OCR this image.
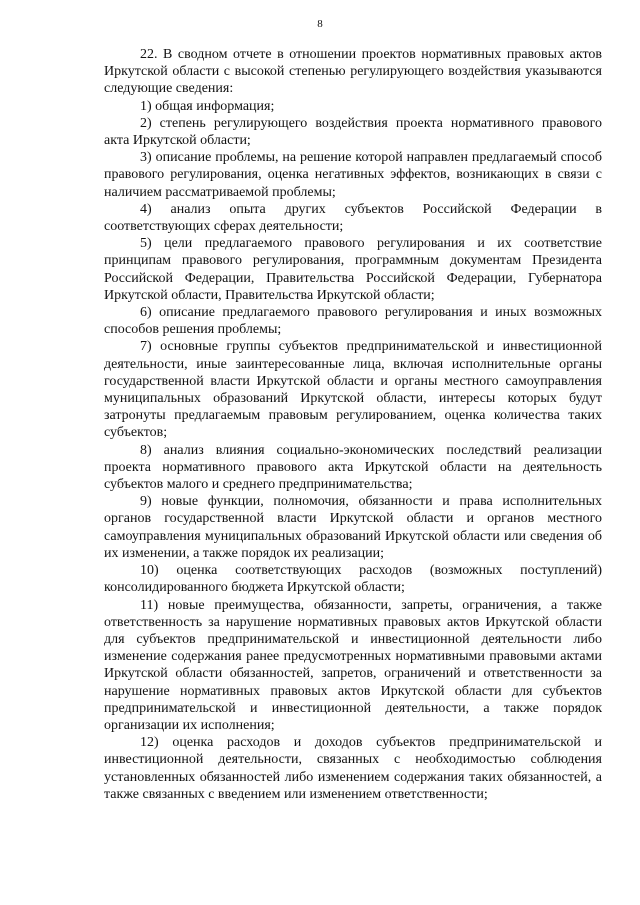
8

22. В сводном отчете в отношении проектов нормативных правовых актов Иркутской области с высокой степенью регулирующего воздействия указываются следующие сведения:

1) общая информация;

2) степень регулирующего воздействия проекта нормативного правового акта Иркутской области;

3) описание проблемы, на решение которой направлен предлагаемый способ правового регулирования, оценка негативных эффектов, возникающих в связи с наличием рассматриваемой проблемы;

4) анализ опыта других субъектов Российской Федерации в соответствующих сферах деятельности;

5) цели предлагаемого правового регулирования и их соответствие принципам правового регулирования, программным документам Президента Российской Федерации, Правительства Российской Федерации, Губернатора Иркутской области, Правительства Иркутской области;

6) описание предлагаемого правового регулирования и иных возможных способов решения проблемы;

7) основные группы субъектов предпринимательской и инвестиционной деятельности, иные заинтересованные лица, включая исполнительные органы государственной власти Иркутской области и органы местного самоуправления муниципальных образований Иркутской области, интересы которых будут затронуты предлагаемым правовым регулированием, оценка количества таких субъектов;

8) анализ влияния социально-экономических последствий реализации проекта нормативного правового акта Иркутской области на деятельность субъектов малого и среднего предпринимательства;

9) новые функции, полномочия, обязанности и права исполнительных органов государственной власти Иркутской области и органов местного самоуправления муниципальных образований Иркутской области или сведения об их изменении, а также порядок их реализации;

10) оценка соответствующих расходов (возможных поступлений) консолидированного бюджета Иркутской области;

11) новые преимущества, обязанности, запреты, ограничения, а также ответственность за нарушение нормативных правовых актов Иркутской области для субъектов предпринимательской и инвестиционной деятельности либо изменение содержания ранее предусмотренных нормативными правовыми актами Иркутской области обязанностей, запретов, ограничений и ответственности за нарушение нормативных правовых актов Иркутской области для субъектов предпринимательской и инвестиционной деятельности, а также порядок организации их исполнения;

12) оценка расходов и доходов субъектов предпринимательской и инвестиционной деятельности, связанных с необходимостью соблюдения установленных обязанностей либо изменением содержания таких обязанностей, а также связанных с введением или изменением ответственности;
